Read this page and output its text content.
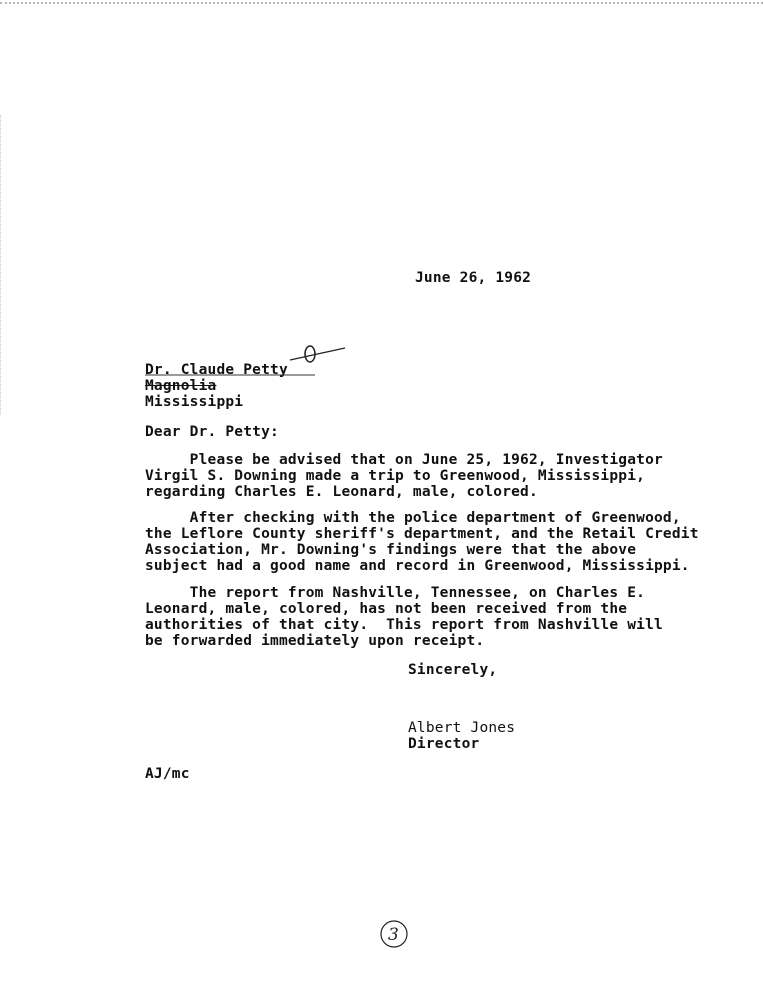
June 26, 1962
Dr. Claude Petty
Magnolia
Mississippi
Dear Dr. Petty:
Please be advised that on June 25, 1962, Investigator
Virgil S. Downing made a trip to Greenwood, Mississippi,
regarding Charles E. Leonard, male, colored.
After checking with the police department of Greenwood,
the Leflore County sheriff's department, and the Retail Credit
Association, Mr. Downing's findings were that the above
subject had a good name and record in Greenwood, Mississippi.
The report from Nashville, Tennessee, on Charles E.
Leonard, male, colored, has not been received from the
authorities of that city.  This report from Nashville will
be forwarded immediately upon receipt.
Sincerely,
Albert Jones
Director
AJ/mc
3
